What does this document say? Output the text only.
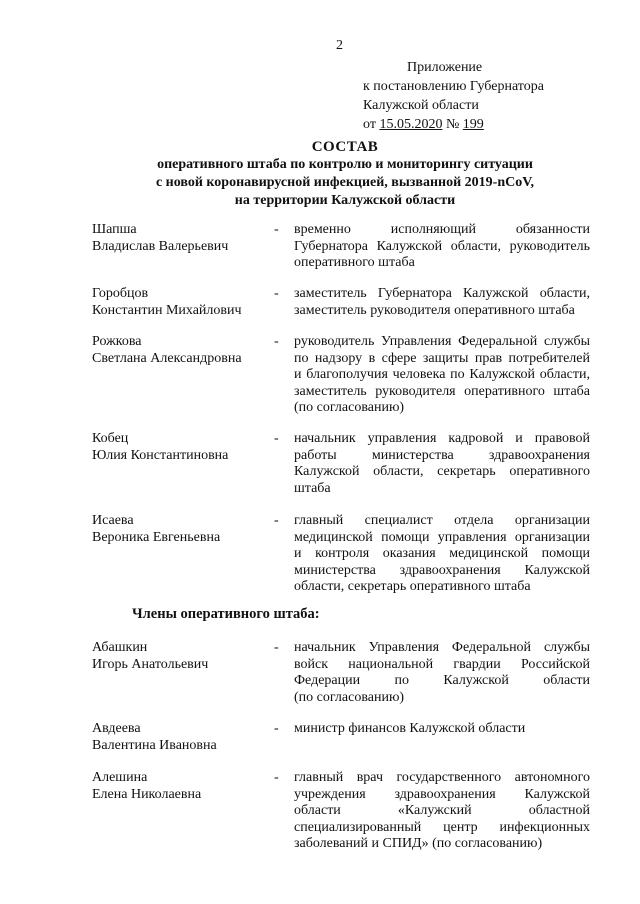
2
Приложение
к постановлению Губернатора
Калужской области
от 15.05.2020 № 199
СОСТАВ
оперативного штаба по контролю и мониторингу ситуации
с новой коронавирусной инфекцией, вызванной 2019-nCoV,
на территории Калужской области
Шапша
Владислав Валерьевич
- временно исполняющий обязанности
Губернатора Калужской области, руководитель
оперативного штаба
Горобцов
Константин Михайлович
- заместитель Губернатора Калужской области,
заместитель руководителя оперативного штаба
Рожкова
Светлана Александровна
- руководитель Управления Федеральной службы
по надзору в сфере защиты прав потребителей
и благополучия человека по Калужской области,
заместитель руководителя оперативного штаба
(по согласованию)
Кобец
Юлия Константиновна
- начальник управления кадровой и правовой
работы министерства здравоохранения
Калужской области, секретарь оперативного
штаба
Исаева
Вероника Евгеньевна
- главный специалист отдела организации
медицинской помощи управления организации
и контроля оказания медицинской помощи
министерства здравоохранения Калужской
области, секретарь оперативного штаба
Члены оперативного штаба:
Абашкин
Игорь Анатольевич
- начальник Управления Федеральной службы
войск национальной гвардии Российской
Федерации по Калужской области
(по согласованию)
Авдеева
Валентина Ивановна
- министр финансов Калужской области
Алешина
Елена Николаевна
- главный врач государственного автономного
учреждения здравоохранения Калужской
области «Калужский областной
специализированный центр инфекционных
заболеваний и СПИД» (по согласованию)
